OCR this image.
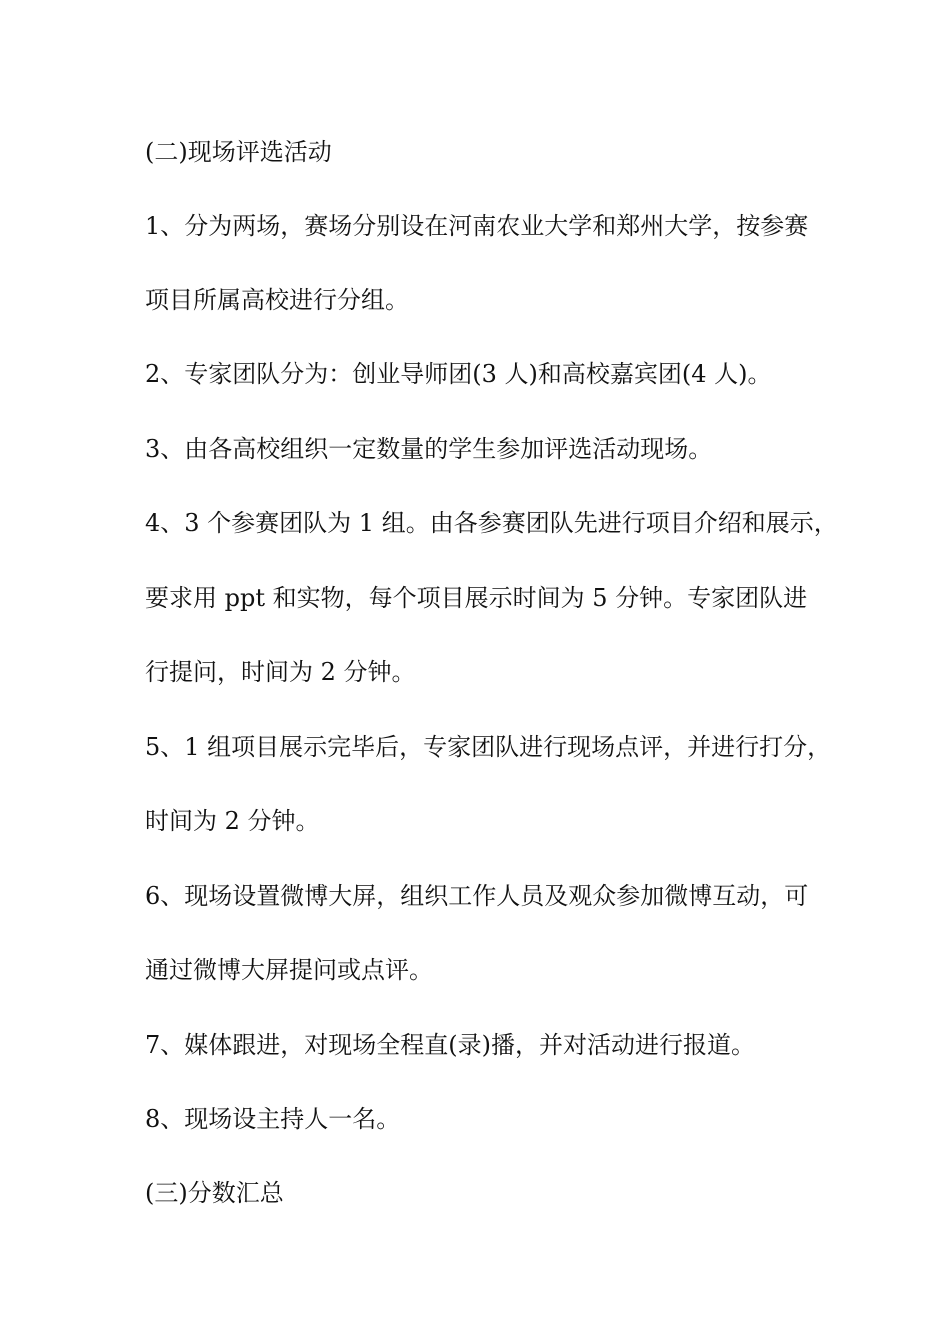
(二)现场评选活动
1、分为两场，赛场分别设在河南农业大学和郑州大学，按参赛
项目所属高校进行分组。
2、专家团队分为：创业导师团(3 人)和高校嘉宾团(4 人)。
3、由各高校组织一定数量的学生参加评选活动现场。
4、3 个参赛团队为 1 组。由各参赛团队先进行项目介绍和展示，
要求用 ppt 和实物，每个项目展示时间为 5 分钟。专家团队进
行提问，时间为 2 分钟。
5、1 组项目展示完毕后，专家团队进行现场点评，并进行打分，
时间为 2 分钟。
6、现场设置微博大屏，组织工作人员及观众参加微博互动，可
通过微博大屏提问或点评。
7、媒体跟进，对现场全程直(录)播，并对活动进行报道。
8、现场设主持人一名。
(三)分数汇总
